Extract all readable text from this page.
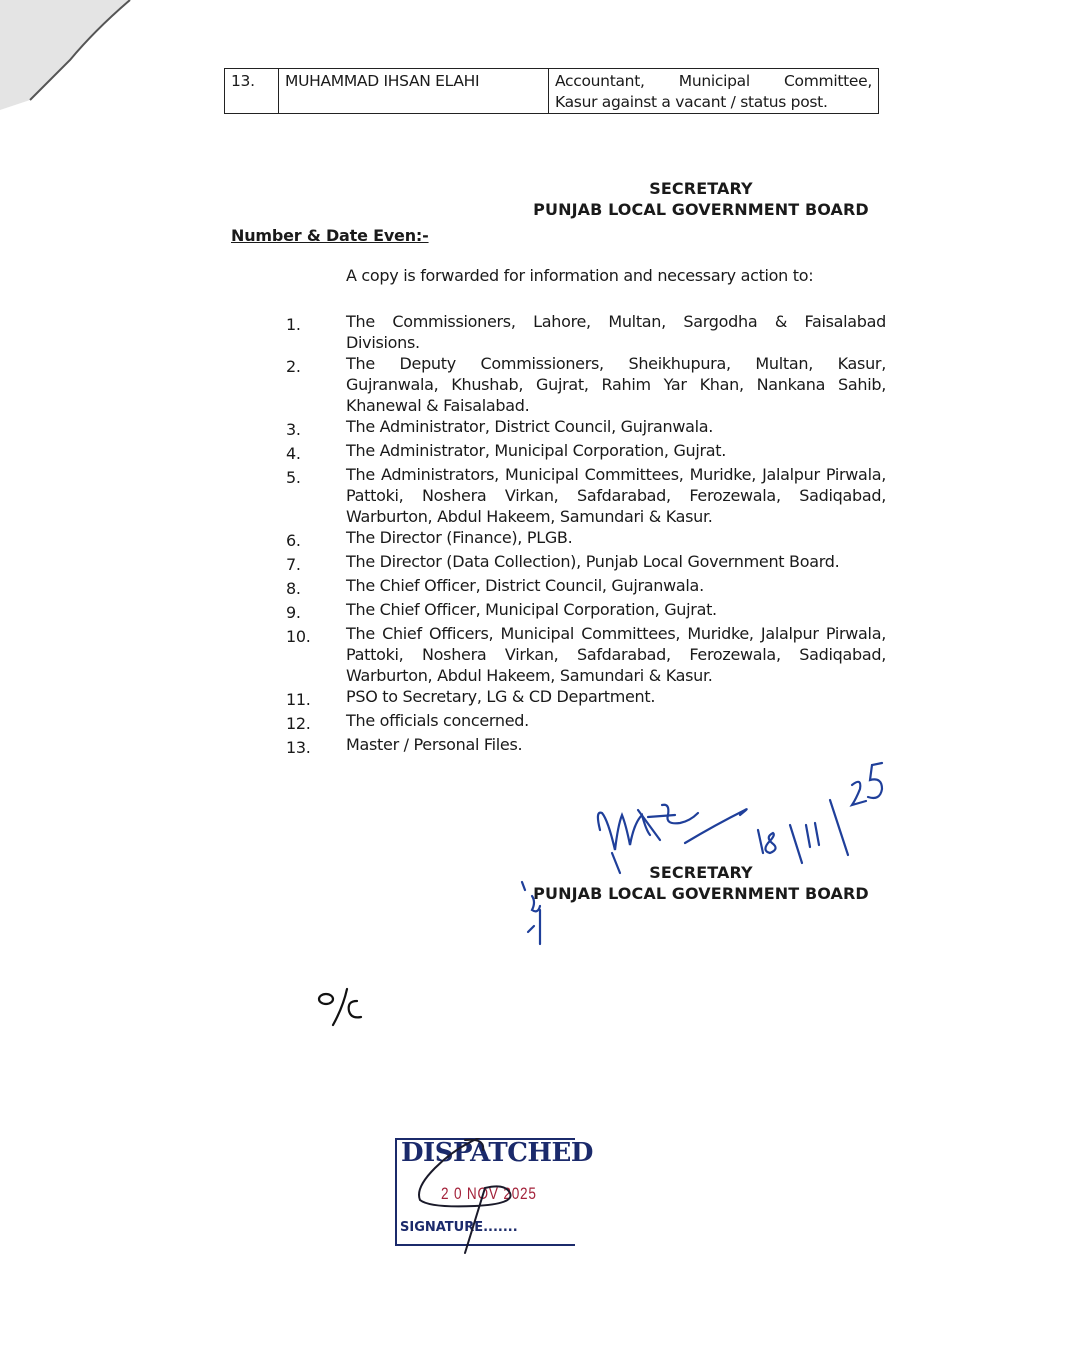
13.	MUHAMMAD IHSAN ELAHI	Accountant, Municipal Committee,
Kasur against a vacant / status post.
SECRETARY
PUNJAB LOCAL GOVERNMENT BOARD
Number & Date Even:-
A copy is forwarded for information and necessary action to:
1.	The Commissioners, Lahore, Multan, Sargodha & Faisalabad
Divisions.
2.	The Deputy Commissioners, Sheikhupura, Multan, Kasur,
Gujranwala, Khushab, Gujrat, Rahim Yar Khan, Nankana Sahib,
Khanewal & Faisalabad.
3.	The Administrator, District Council, Gujranwala.
4.	The Administrator, Municipal Corporation, Gujrat.
5.	The Administrators, Municipal Committees, Muridke, Jalalpur Pirwala,
Pattoki, Noshera Virkan, Safdarabad, Ferozewala, Sadiqabad,
Warburton, Abdul Hakeem, Samundari & Kasur.
6.	The Director (Finance), PLGB.
7.	The Director (Data Collection), Punjab Local Government Board.
8.	The Chief Officer, District Council, Gujranwala.
9.	The Chief Officer, Municipal Corporation, Gujrat.
10.	The Chief Officers, Municipal Committees, Muridke, Jalalpur Pirwala,
Pattoki, Noshera Virkan, Safdarabad, Ferozewala, Sadiqabad,
Warburton, Abdul Hakeem, Samundari & Kasur.
11.	PSO to Secretary, LG & CD Department.
12.	The officials concerned.
13.	Master / Personal Files.
SECRETARY
PUNJAB LOCAL GOVERNMENT BOARD
DISPATCHED
2 0 NOV 2025
SIGNATURE.......
